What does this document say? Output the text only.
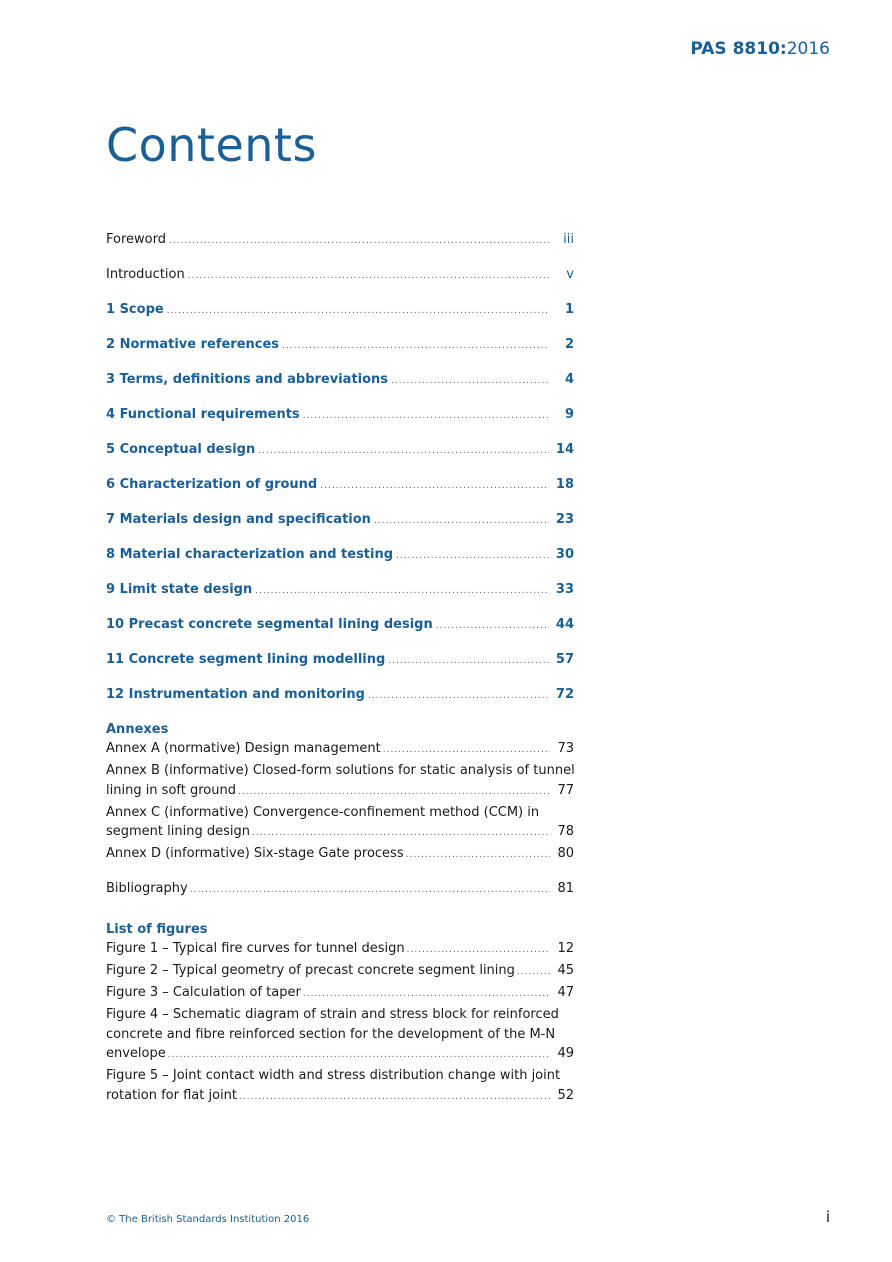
PAS 8810:2016
Contents
Foreword .....	iii
Introduction .....	v
1 Scope .....	1
2 Normative references .....	2
3 Terms, definitions and abbreviations .....	4
4 Functional requirements .....	9
5 Conceptual design .....	14
6 Characterization of ground .....	18
7 Materials design and specification .....	23
8 Material characterization and testing .....	30
9 Limit state design .....	33
10 Precast concrete segmental lining design .....	44
11 Concrete segment lining modelling .....	57
12 Instrumentation and monitoring .....	72
Annexes
Annex A (normative) Design management .....	73
Annex B (informative) Closed-form solutions for static analysis of tunnel
lining in soft ground .....	77
Annex C (informative) Convergence-confinement method (CCM) in
segment lining design .....	78
Annex D (informative) Six-stage Gate process .....	80
Bibliography .....	81
List of figures
Figure 1 – Typical fire curves for tunnel design .....	12
Figure 2 – Typical geometry of precast concrete segment lining .....	45
Figure 3 – Calculation of taper .....	47
Figure 4 – Schematic diagram of strain and stress block for reinforced
concrete and fibre reinforced section for the development of the M-N
envelope .....	49
Figure 5 – Joint contact width and stress distribution change with joint
rotation for flat joint .....	52
© The British Standards Institution 2016	i
